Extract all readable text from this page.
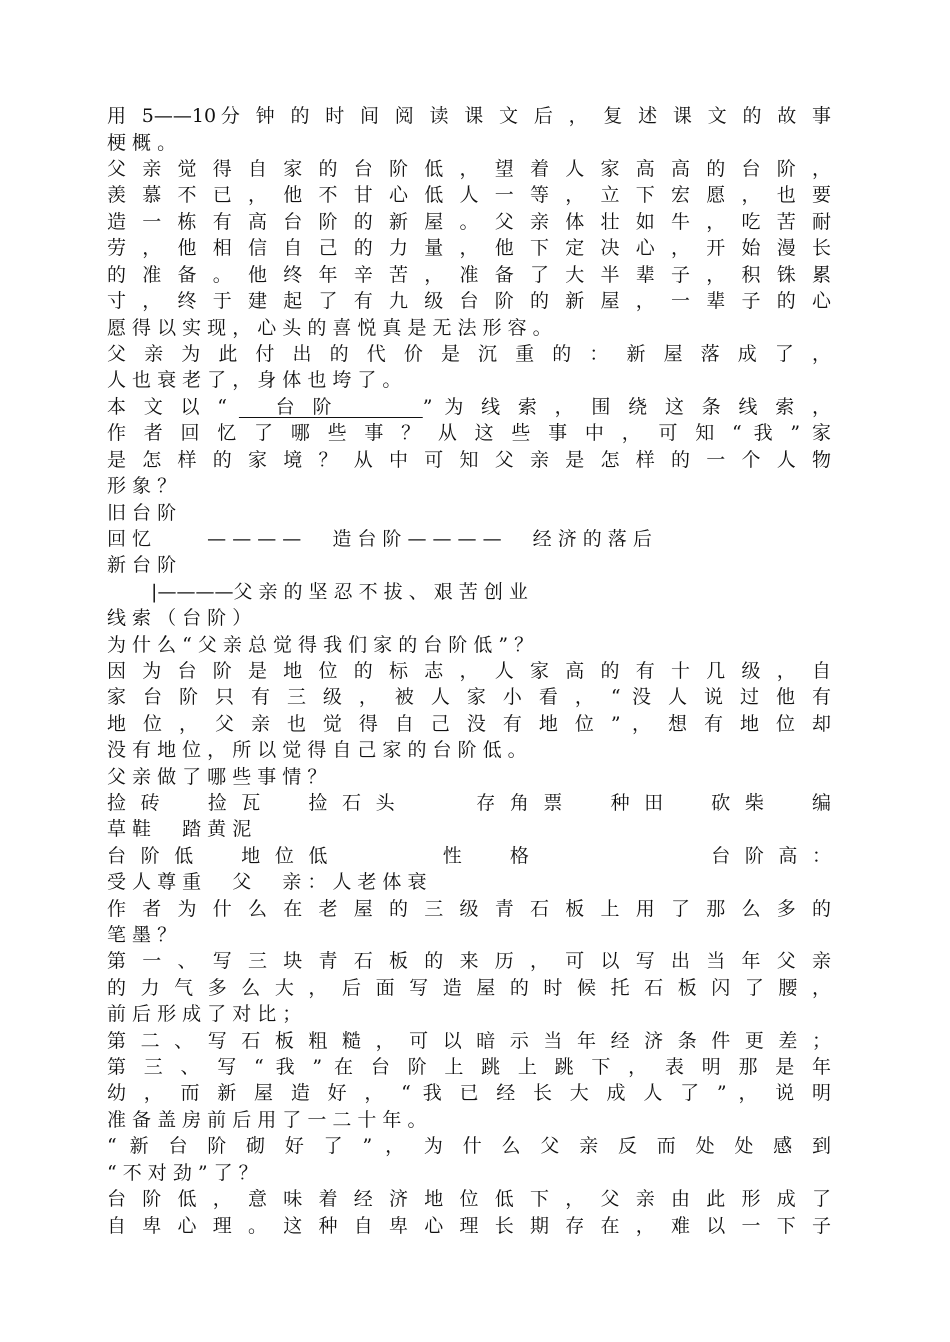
用 5——10分 钟 的 时 间 阅 读 课 文 后 ， 复 述 课 文 的 故 事
梗 概 。
父 亲 觉 得 自 家 的 台 阶 低 ， 望 着 人 家 高 高 的 台 阶 ，
羡 慕 不 已 ， 他 不 甘 心 低 人 一 等 ， 立 下 宏 愿 ， 也 要
造 一 栋 有 高 台 阶 的 新 屋 。 父 亲 体 壮 如 牛 ， 吃 苦 耐
劳 ， 他 相 信 自 己 的 力 量 ， 他 下 定 决 心 ， 开 始 漫 长
的 准 备 。 他 终 年 辛 苦 ， 准 备 了 大 半 辈 子 ， 积 铢 累
寸 ， 终 于 建 起 了 有 九 级 台 阶 的 新 屋 ， 一 辈 子 的 心
愿 得 以 实 现 ， 心 头 的 喜 悦 真 是 无 法 形 容 。
父 亲 为 此 付 出 的 代 价 是 沉 重 的 ： 新 屋 落 成 了 ，
人 也 衰 老 了 ， 身 体 也 垮 了 。
本 文 以 “ 　 台 阶 　 　 ” 为 线 索 ， 围 绕 这 条 线 索 ，
作 者 回 忆 了 哪 些 事 ？ 从 这 些 事 中 ， 可 知 “ 我 ” 家
是 怎 样 的 家 境 ？ 从 中 可 知 父 亲 是 怎 样 的 一 个 人 物
形 象 ？
旧 台 阶
回 忆 　 　 — — — — 　 造 台 阶 — — — — 　 经 济 的 落 后
新 台 阶
　　 |————父 亲 的 坚 忍 不 拔 、 艰 苦 创 业
线 索 （ 台 阶 ）
为 什 么 “ 父 亲 总 觉 得 我 们 家 的 台 阶 低 ” ？
因 为 台 阶 是 地 位 的 标 志 ， 人 家 高 的 有 十 几 级 ， 自
家 台 阶 只 有 三 级 ， 被 人 家 小 看 ， “ 没 人 说 过 他 有
地 位 ， 父 亲 也 觉 得 自 己 没 有 地 位 ” ， 想 有 地 位 却
没 有 地 位 ， 所 以 觉 得 自 己 家 的 台 阶 低 。
父 亲 做 了 哪 些 事 情 ？
捡 砖 　 捡 瓦 　 捡 石 头 　 　 存 角 票 　 种 田 　 砍 柴 　 编
草 鞋 　 踏 黄 泥
台 阶 低 　 地 位 低 　 　 　 性 　 格 　 　 　 　 　 台 阶 高 ：
受 人 尊 重 　 父 　 亲 ： 人 老 体 衰
作 者 为 什 么 在 老 屋 的 三 级 青 石 板 上 用 了 那 么 多 的
笔 墨 ？
第 一 、 写 三 块 青 石 板 的 来 历 ， 可 以 写 出 当 年 父 亲
的 力 气 多 么 大 ， 后 面 写 造 屋 的 时 候 托 石 板 闪 了 腰 ，
前 后 形 成 了 对 比 ；
第 二 、 写 石 板 粗 糙 ， 可 以 暗 示 当 年 经 济 条 件 更 差 ；
第 三 、 写 “ 我 ” 在 台 阶 上 跳 上 跳 下 ， 表 明 那 是 年
幼 ， 而 新 屋 造 好 ， “ 我 已 经 长 大 成 人 了 ” ， 说 明
准 备 盖 房 前 后 用 了 一 二 十 年 。
“ 新 台 阶 砌 好 了 ” ， 为 什 么 父 亲 反 而 处 处 感 到
“ 不 对 劲 ” 了 ？
台 阶 低 ， 意 味 着 经 济 地 位 低 下 ， 父 亲 由 此 形 成 了
自 卑 心 理 。 这 种 自 卑 心 理 长 期 存 在 ， 难 以 一 下 子
